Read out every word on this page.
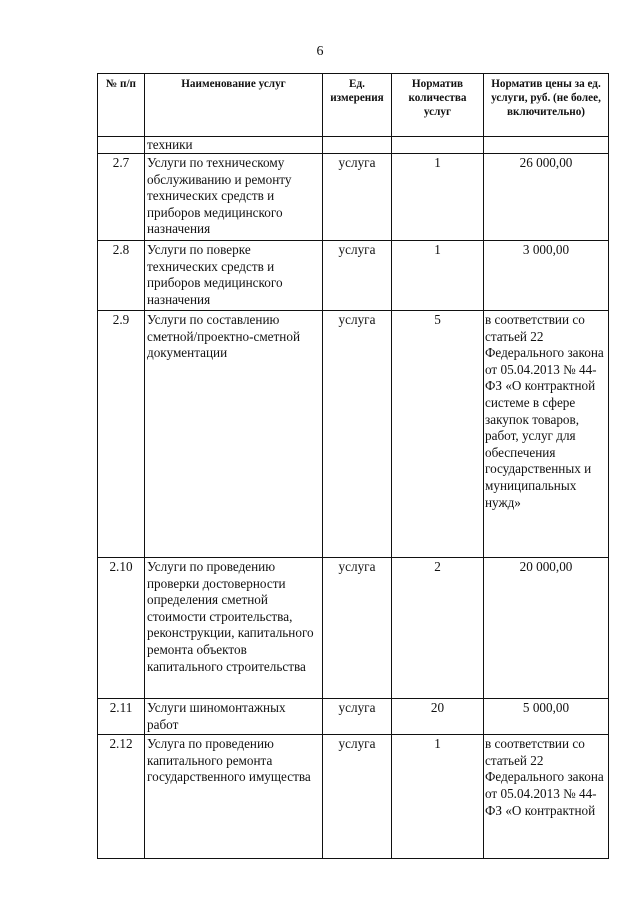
6
№ п/п	Наименование услуг	Ед. измерения	Норматив количества услуг	Норматив цены за ед. услуги, руб. (не более, включительно)
	техники			
2.7	Услуги по техническому обслуживанию и ремонту технических средств и приборов медицинского назначения	услуга	1	26 000,00
2.8	Услуги по поверке технических средств и приборов медицинского назначения	услуга	1	3 000,00
2.9	Услуги по составлению сметной/проектно-сметной документации	услуга	5	в соответствии со статьей 22 Федерального закона от 05.04.2013 № 44-ФЗ «О контрактной системе в сфере закупок товаров, работ, услуг для обеспечения государственных и муниципальных нужд»
2.10	Услуги по проведению проверки достоверности определения сметной стоимости строительства, реконструкции, капитального ремонта объектов капитального строительства	услуга	2	20 000,00
2.11	Услуги шиномонтажных работ	услуга	20	5 000,00
2.12	Услуга по проведению капитального ремонта государственного имущества	услуга	1	в соответствии со статьей 22 Федерального закона от 05.04.2013 № 44-ФЗ «О контрактной
